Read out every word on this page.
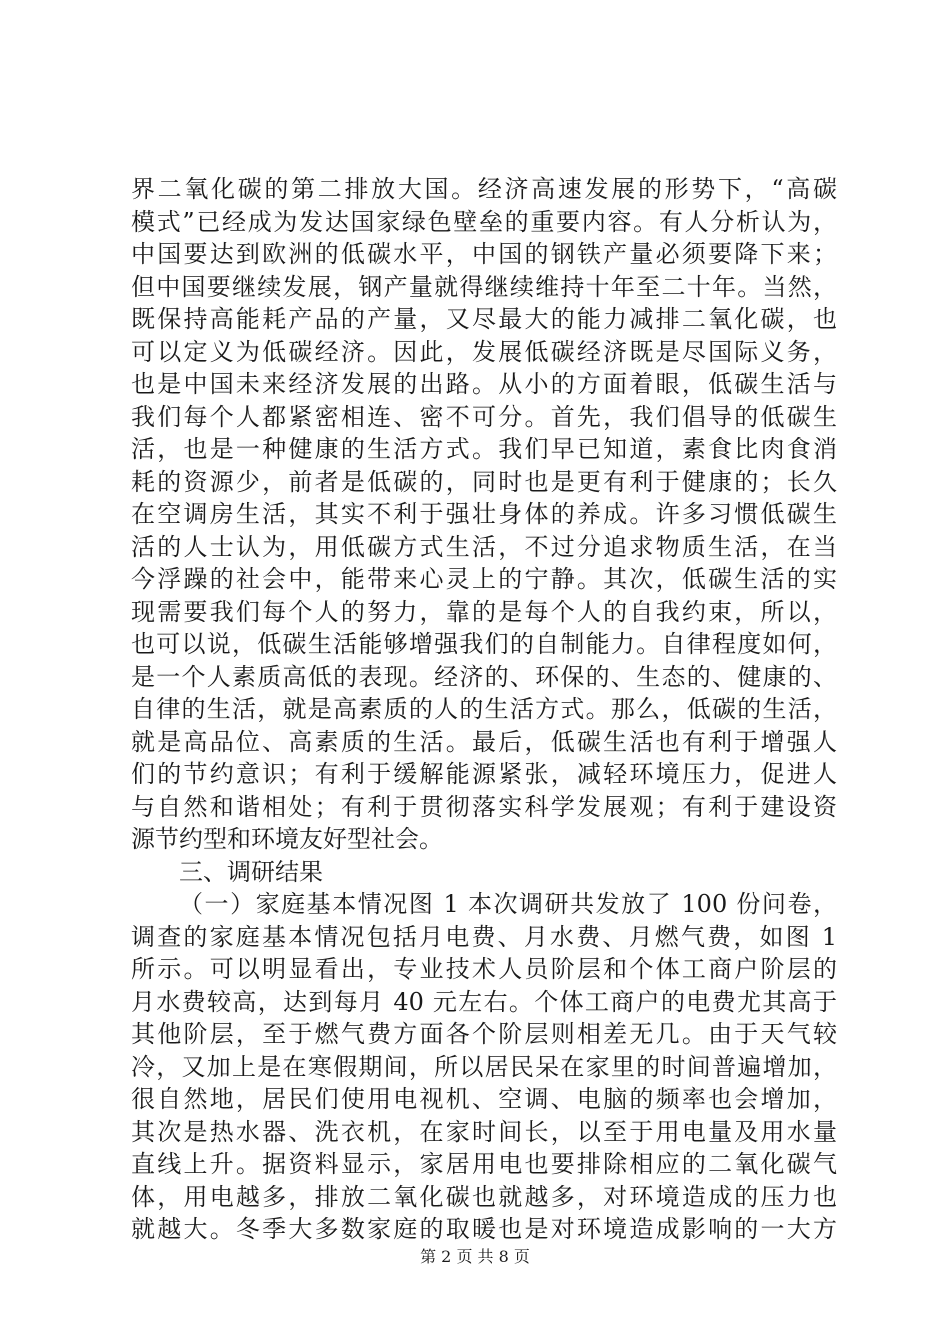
界二氧化碳的第二排放大国。经济高速发展的形势下，“高碳
模式”已经成为发达国家绿色壁垒的重要内容。有人分析认为，
中国要达到欧洲的低碳水平，中国的钢铁产量必须要降下来；
但中国要继续发展，钢产量就得继续维持十年至二十年。当然，
既保持高能耗产品的产量，又尽最大的能力减排二氧化碳，也
可以定义为低碳经济。因此，发展低碳经济既是尽国际义务，
也是中国未来经济发展的出路。从小的方面着眼，低碳生活与
我们每个人都紧密相连、密不可分。首先，我们倡导的低碳生
活，也是一种健康的生活方式。我们早已知道，素食比肉食消
耗的资源少，前者是低碳的，同时也是更有利于健康的；长久
在空调房生活，其实不利于强壮身体的养成。许多习惯低碳生
活的人士认为，用低碳方式生活，不过分追求物质生活，在当
今浮躁的社会中，能带来心灵上的宁静。其次，低碳生活的实
现需要我们每个人的努力，靠的是每个人的自我约束，所以，
也可以说，低碳生活能够增强我们的自制能力。自律程度如何，
是一个人素质高低的表现。经济的、环保的、生态的、健康的、
自律的生活，就是高素质的人的生活方式。那么，低碳的生活，
就是高品位、高素质的生活。最后，低碳生活也有利于增强人
们的节约意识；有利于缓解能源紧张，减轻环境压力，促进人
与自然和谐相处；有利于贯彻落实科学发展观；有利于建设资
源节约型和环境友好型社会。
三、调研结果
（一）家庭基本情况图 1 本次调研共发放了 100 份问卷，
调查的家庭基本情况包括月电费、月水费、月燃气费，如图 1
所示。可以明显看出，专业技术人员阶层和个体工商户阶层的
月水费较高，达到每月 40 元左右。个体工商户的电费尤其高于
其他阶层，至于燃气费方面各个阶层则相差无几。由于天气较
冷，又加上是在寒假期间，所以居民呆在家里的时间普遍增加，
很自然地，居民们使用电视机、空调、电脑的频率也会增加，
其次是热水器、洗衣机，在家时间长，以至于用电量及用水量
直线上升。据资料显示，家居用电也要排除相应的二氧化碳气
体，用电越多，排放二氧化碳也就越多，对环境造成的压力也
就越大。冬季大多数家庭的取暖也是对环境造成影响的一大方
第 2 页 共 8 页
